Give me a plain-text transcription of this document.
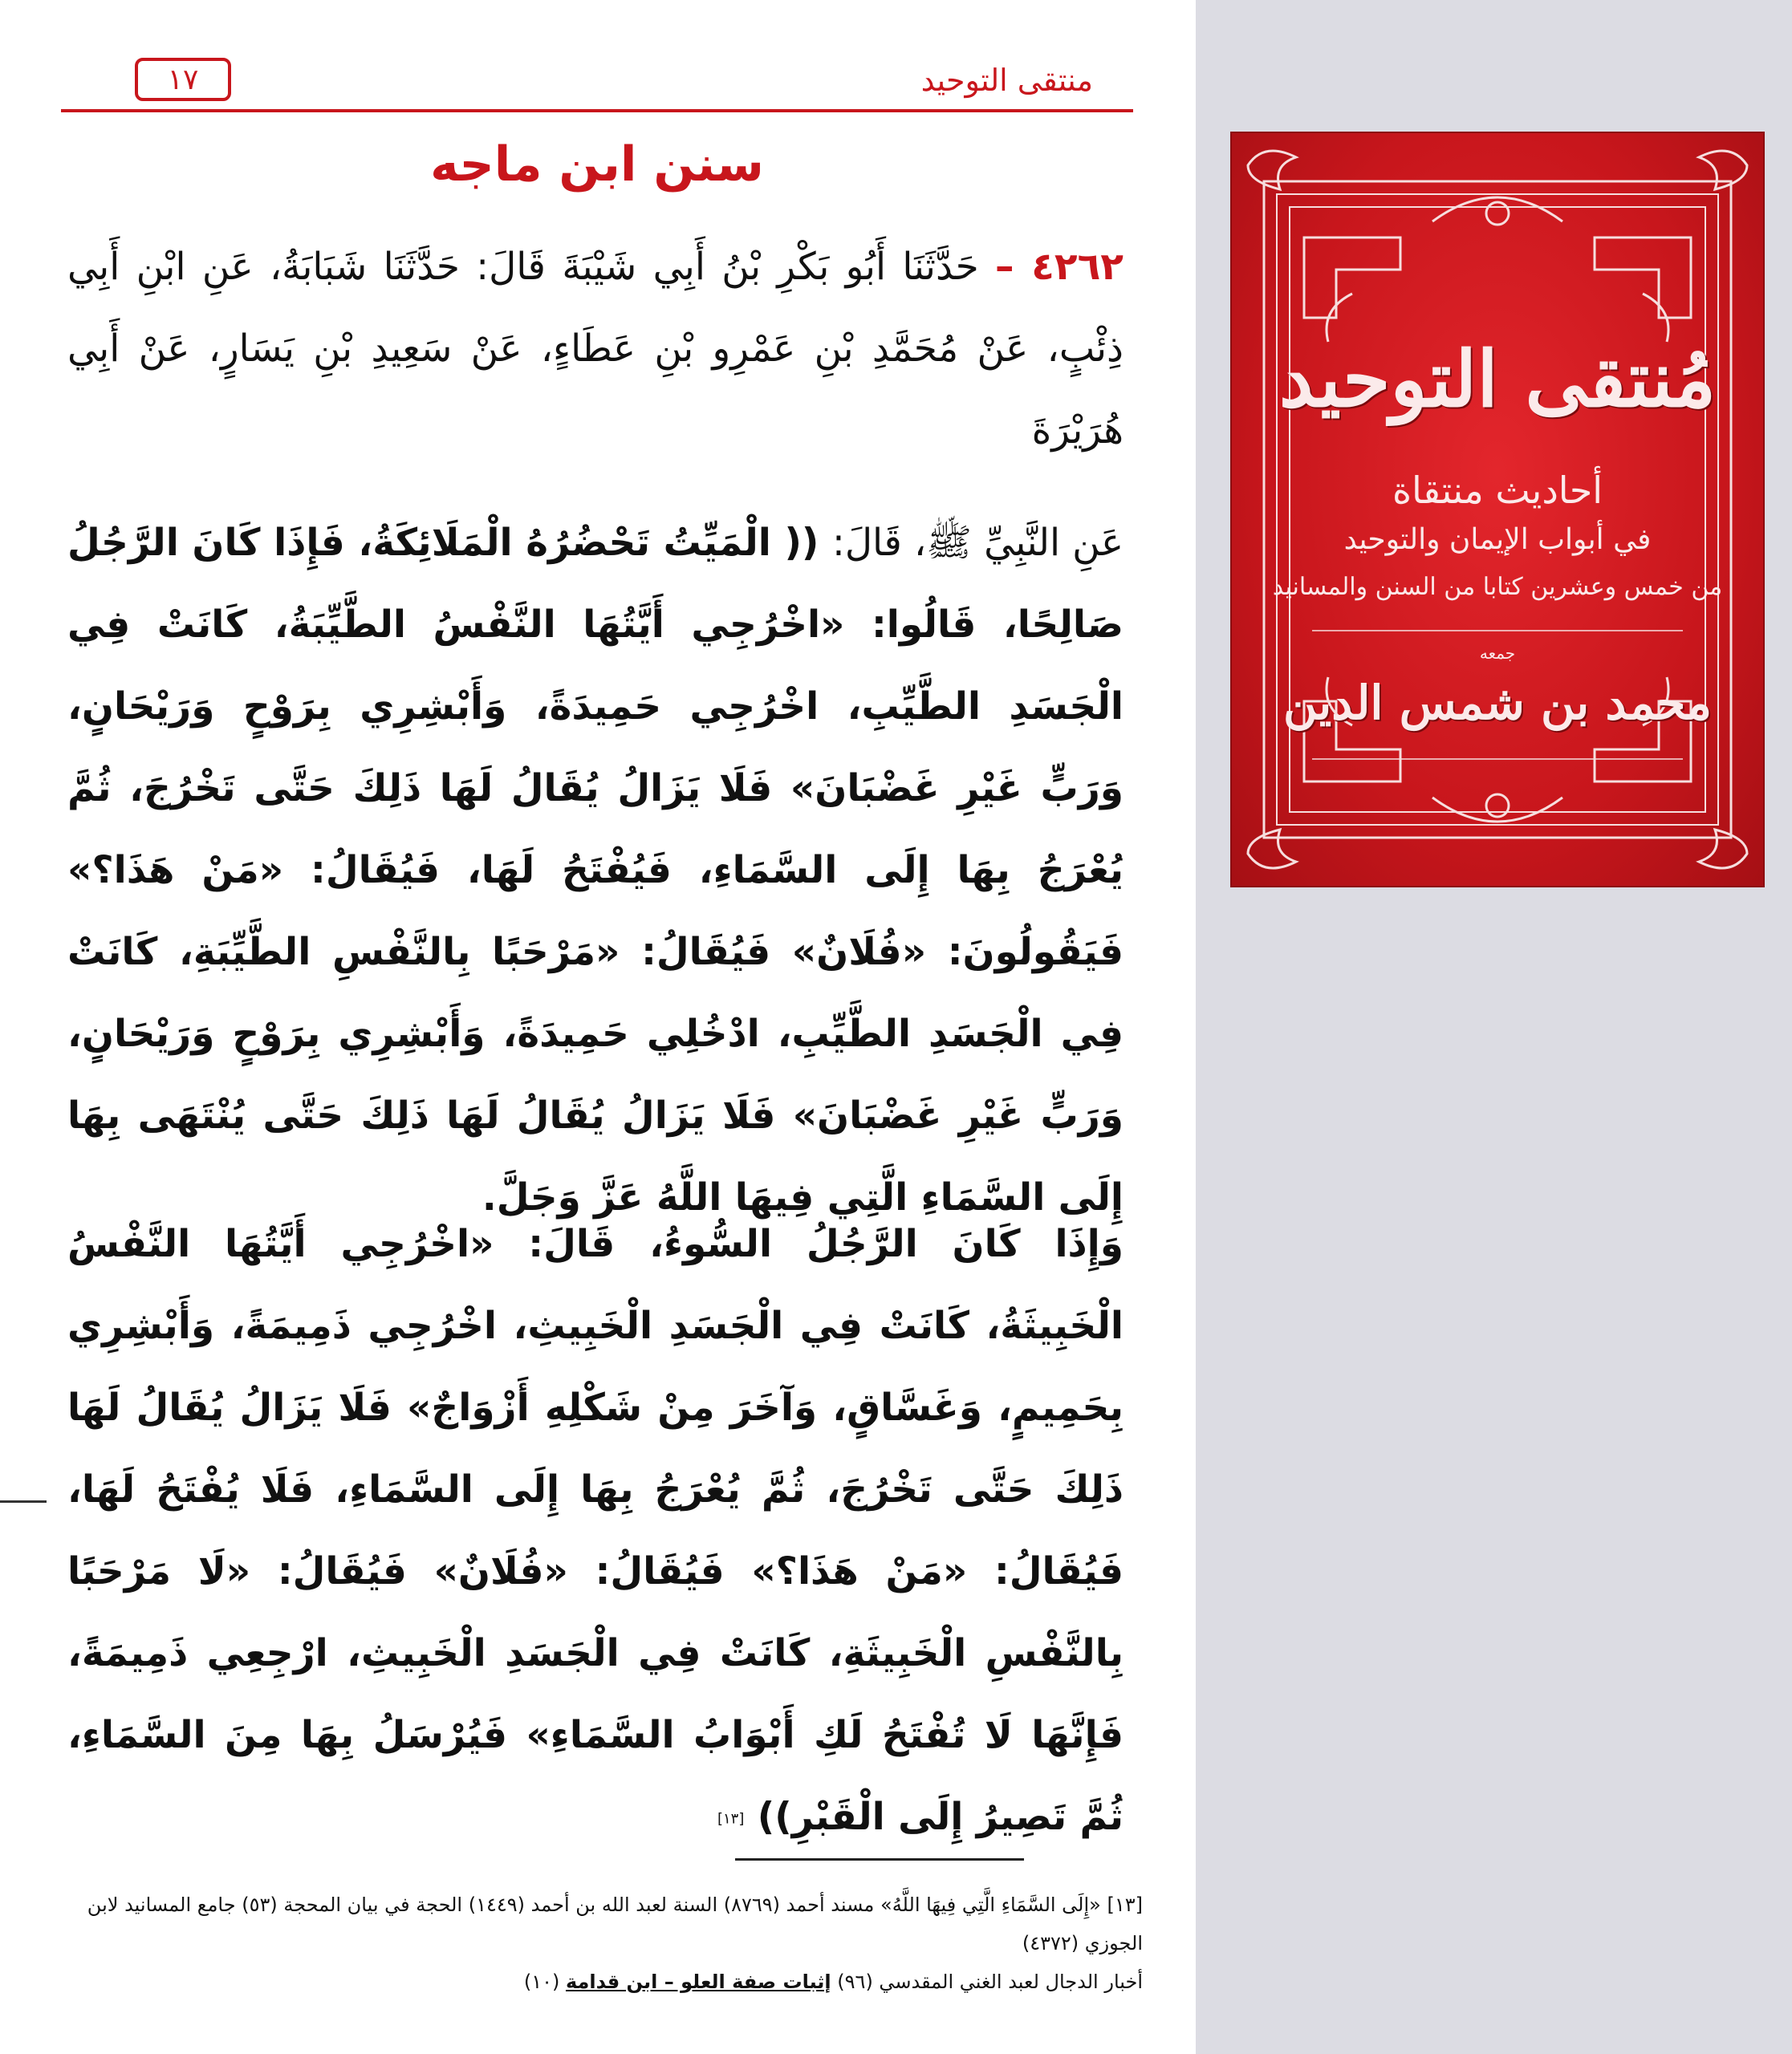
منتقى التوحيد
١٧
سنن ابن ماجه
٤٢٦٢ – حَدَّثَنَا أَبُو بَكْرِ بْنُ أَبِي شَيْبَةَ قَالَ: حَدَّثَنَا شَبَابَةُ، عَنِ ابْنِ أَبِي ذِئْبٍ، عَنْ مُحَمَّدِ بْنِ عَمْرِو بْنِ عَطَاءٍ، عَنْ سَعِيدِ بْنِ يَسَارٍ، عَنْ أَبِي هُرَيْرَةَ
عَنِ النَّبِيِّ ﷺ، قَالَ: (( الْمَيِّتُ تَحْضُرُهُ الْمَلَائِكَةُ، فَإِذَا كَانَ الرَّجُلُ صَالِحًا، قَالُوا: «اخْرُجِي أَيَّتُهَا النَّفْسُ الطَّيِّبَةُ، كَانَتْ فِي الْجَسَدِ الطَّيِّبِ، اخْرُجِي حَمِيدَةً، وَأَبْشِرِي بِرَوْحٍ وَرَيْحَانٍ، وَرَبٍّ غَيْرِ غَضْبَانَ» فَلَا يَزَالُ يُقَالُ لَهَا ذَلِكَ حَتَّى تَخْرُجَ، ثُمَّ يُعْرَجُ بِهَا إِلَى السَّمَاءِ، فَيُفْتَحُ لَهَا، فَيُقَالُ: «مَنْ هَذَا؟» فَيَقُولُونَ: «فُلَانٌ» فَيُقَالُ: «مَرْحَبًا بِالنَّفْسِ الطَّيِّبَةِ، كَانَتْ فِي الْجَسَدِ الطَّيِّبِ، ادْخُلِي حَمِيدَةً، وَأَبْشِرِي بِرَوْحٍ وَرَيْحَانٍ، وَرَبٍّ غَيْرِ غَضْبَانَ» فَلَا يَزَالُ يُقَالُ لَهَا ذَلِكَ حَتَّى يُنْتَهَى بِهَا إِلَى السَّمَاءِ الَّتِي فِيهَا اللَّهُ عَزَّ وَجَلَّ.
وَإِذَا كَانَ الرَّجُلُ السُّوءُ، قَالَ: «اخْرُجِي أَيَّتُهَا النَّفْسُ الْخَبِيثَةُ، كَانَتْ فِي الْجَسَدِ الْخَبِيثِ، اخْرُجِي ذَمِيمَةً، وَأَبْشِرِي بِحَمِيمٍ، وَغَسَّاقٍ، وَآخَرَ مِنْ شَكْلِهِ أَزْوَاجٌ» فَلَا يَزَالُ يُقَالُ لَهَا ذَلِكَ حَتَّى تَخْرُجَ، ثُمَّ يُعْرَجُ بِهَا إِلَى السَّمَاءِ، فَلَا يُفْتَحُ لَهَا، فَيُقَالُ: «مَنْ هَذَا؟» فَيُقَالُ: «فُلَانٌ» فَيُقَالُ: «لَا مَرْحَبًا بِالنَّفْسِ الْخَبِيثَةِ، كَانَتْ فِي الْجَسَدِ الْخَبِيثِ، ارْجِعِي ذَمِيمَةً، فَإِنَّهَا لَا تُفْتَحُ لَكِ أَبْوَابُ السَّمَاءِ» فَيُرْسَلُ بِهَا مِنَ السَّمَاءِ، ثُمَّ تَصِيرُ إِلَى الْقَبْرِ)) [١٣]
[١٣] «إِلَى السَّمَاءِ الَّتِي فِيهَا اللَّهُ» مسند أحمد (٨٧٦٩) السنة لعبد الله بن أحمد (١٤٤٩) الحجة في بيان المحجة (٥٣) جامع المسانيد لابن الجوزي (٤٣٧٢)
أخبار الدجال لعبد الغني المقدسي (٩٦) إثبات صفة العلو – ابن قدامة (١٠)
مُنتقى التوحيد
أحاديث منتقاة
في أبواب الإيمان والتوحيد
من خمس وعشرين كتابا من السنن والمسانيد
جمعه
محمد بن شمس الدين
